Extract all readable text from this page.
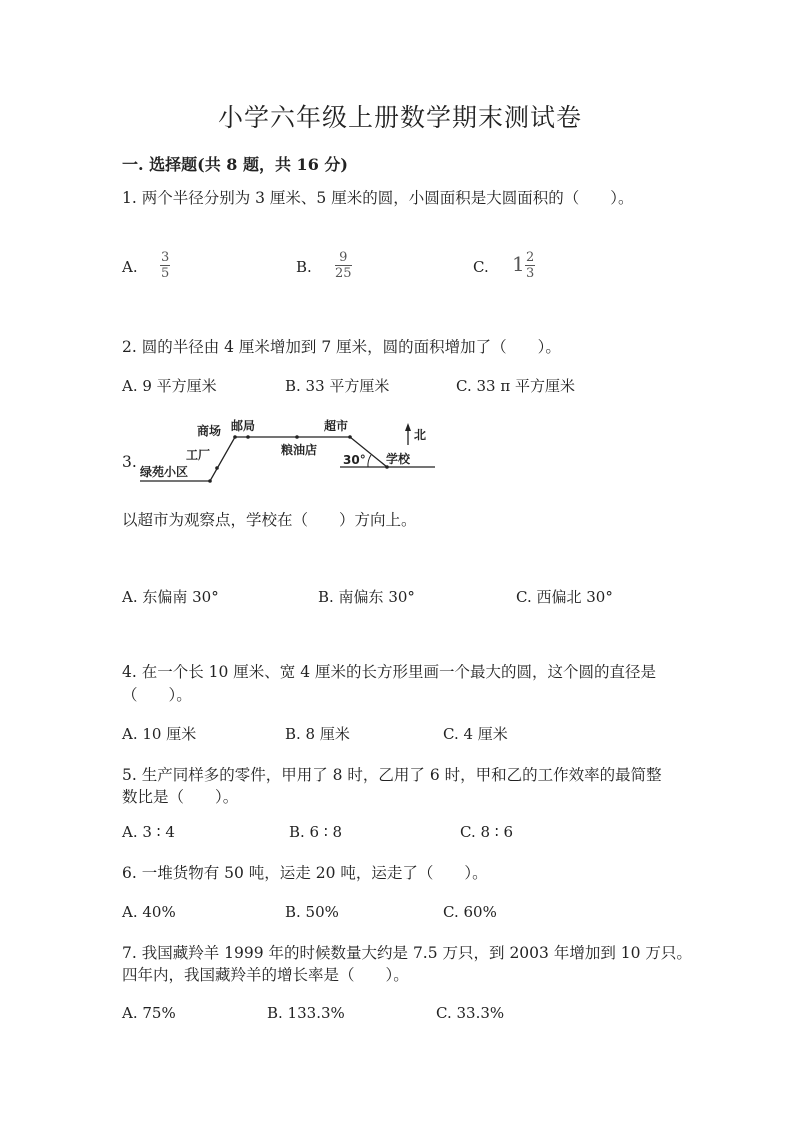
小学六年级上册数学期末测试卷
一. 选择题(共 8 题，共 16 分)
1. 两个半径分别为 3 厘米、5 厘米的圆，小圆面积是大圆面积的（　　）。
A. $\frac{3}{5}$	B. $\frac{9}{25}$	C. $1 \frac{2}{3}$
2. 圆的半径由 4 厘米增加到 7 厘米，圆的面积增加了（　　）。
A. 9 平方厘米	B. 33 平方厘米	C. 33 π 平方厘米
3.
商场 邮局
工厂
绿苑小区
粮油店
超市
30° 学校
北
以超市为观察点，学校在（　　）方向上。
A. 东偏南 30°	B. 南偏东 30°	C. 西偏北 30°
4. 在一个长 10 厘米、宽 4 厘米的长方形里画一个最大的圆，这个圆的直径是
（　　）。
A. 10 厘米	B. 8 厘米	C. 4 厘米
5. 生产同样多的零件，甲用了 8 时，乙用了 6 时，甲和乙的工作效率的最简整
数比是（　　）。
A. 3 ∶ 4	B. 6 ∶ 8	C. 8 ∶ 6
6. 一堆货物有 50 吨，运走 20 吨，运走了（　　）。
A. 40%	B. 50%	C. 60%
7. 我国藏羚羊 1999 年的时候数量大约是 7.5 万只，到 2003 年增加到 10 万只。
四年内，我国藏羚羊的增长率是（　　）。
A. 75%	B. 133.3%	C. 33.3%
